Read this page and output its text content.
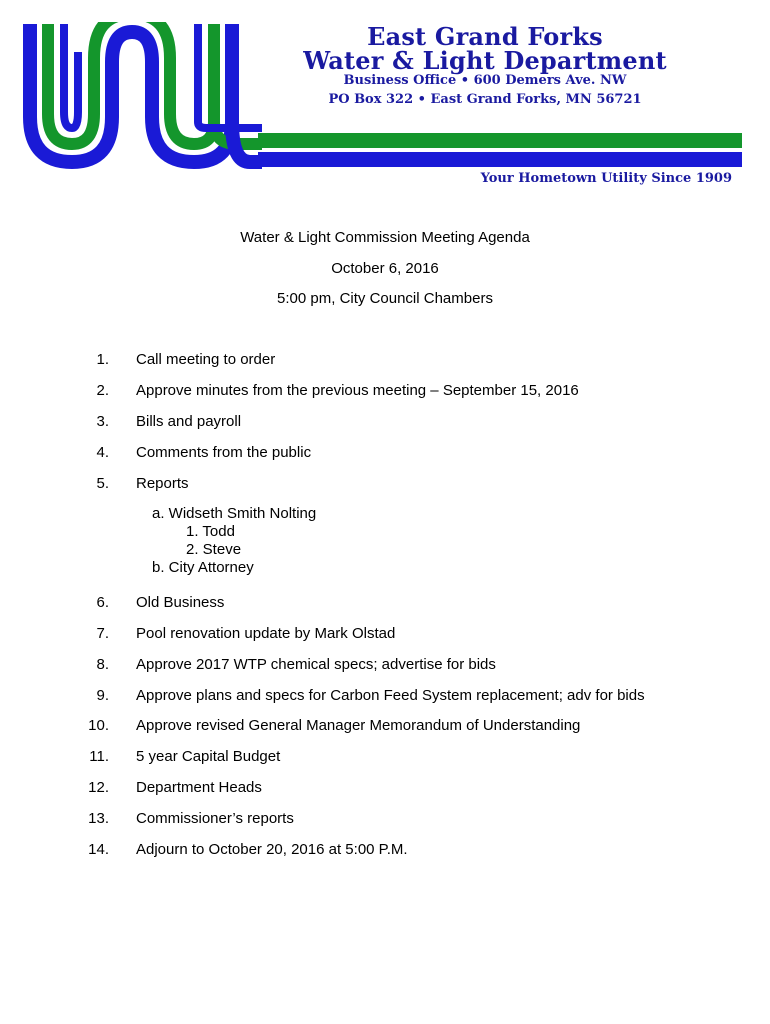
East Grand Forks
Water & Light Department
Business Office • 600 Demers Ave. NW
PO Box 322 • East Grand Forks, MN 56721
Your Hometown Utility Since 1909
Water & Light Commission Meeting Agenda
October 6, 2016
5:00 pm, City Council Chambers
1. Call meeting to order
2. Approve minutes from the previous meeting – September 15, 2016
3. Bills and payroll
4. Comments from the public
5. Reports
a. Widseth Smith Nolting
1. Todd
2. Steve
b. City Attorney
6. Old Business
7. Pool renovation update by Mark Olstad
8. Approve 2017 WTP chemical specs; advertise for bids
9. Approve plans and specs for Carbon Feed System replacement; adv for bids
10. Approve revised General Manager Memorandum of Understanding
11. 5 year Capital Budget
12. Department Heads
13. Commissioner’s reports
14. Adjourn to October 20, 2016 at 5:00 P.M.
